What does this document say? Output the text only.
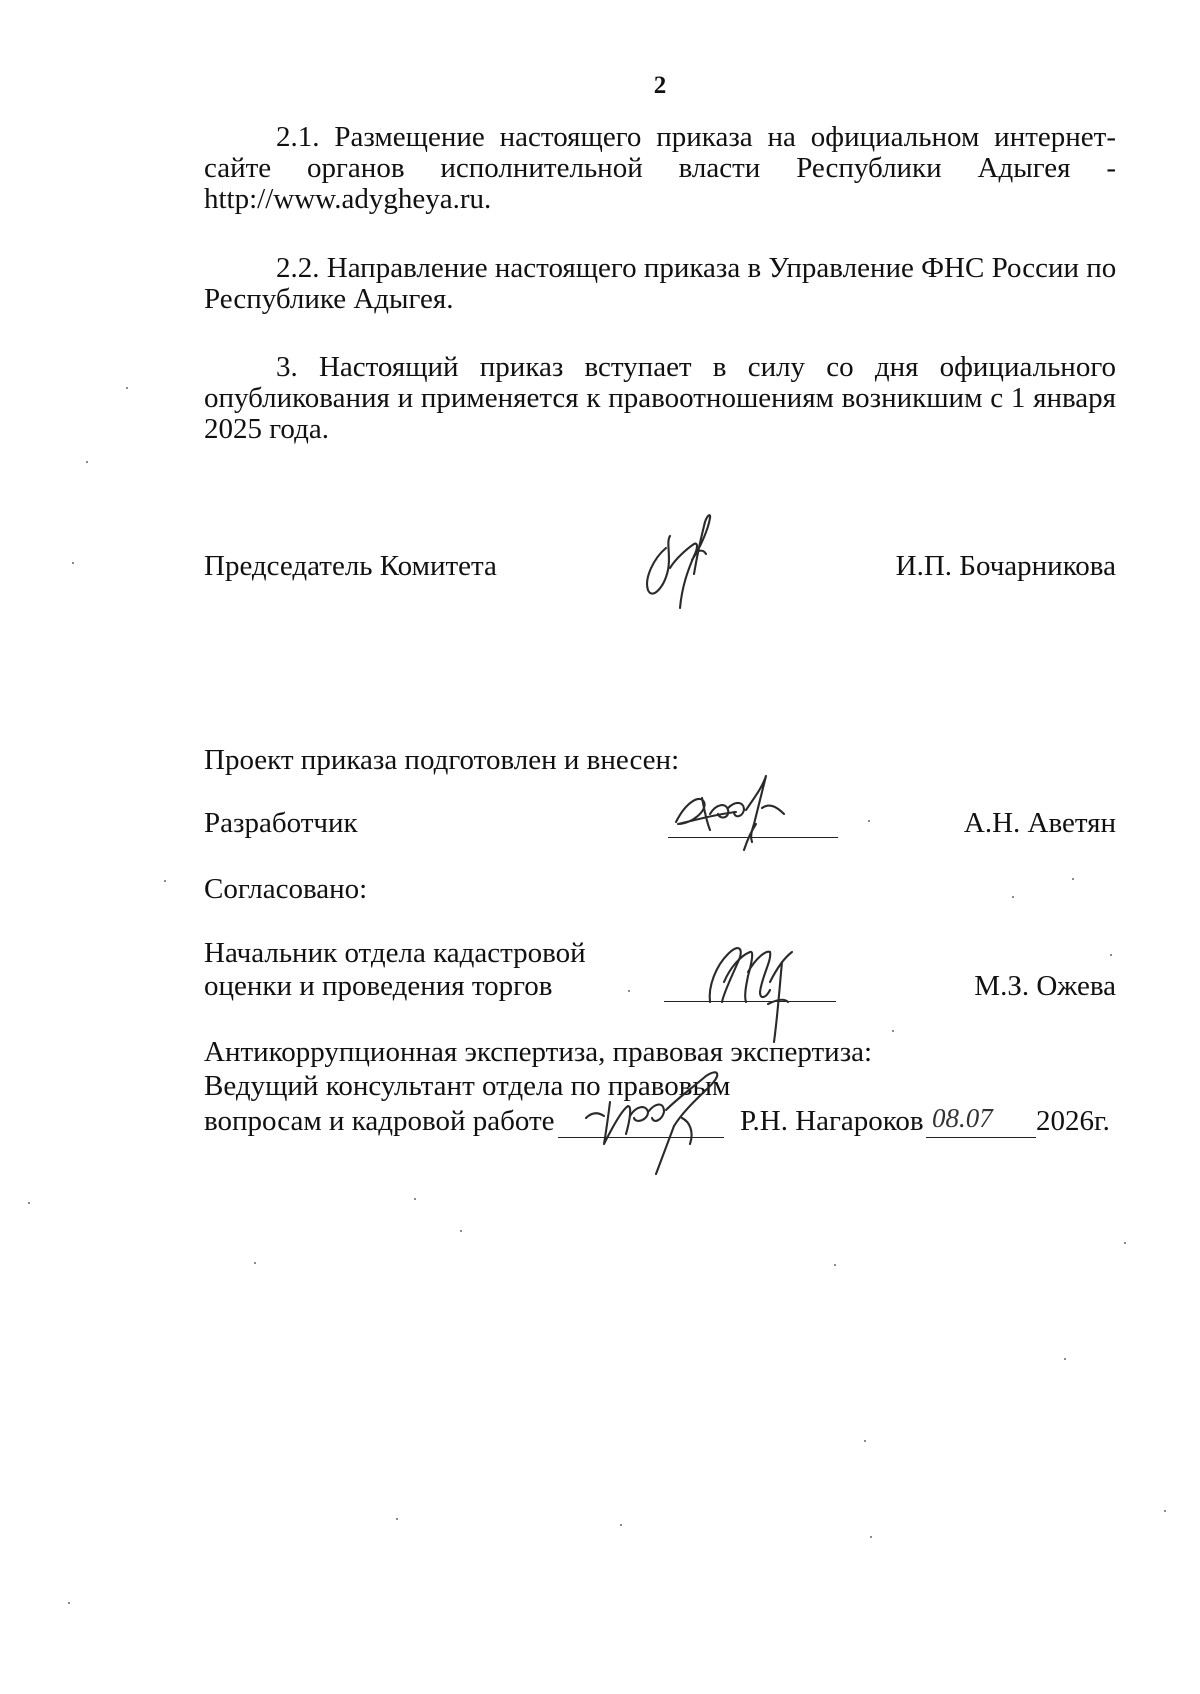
2
2.1. Размещение настоящего приказа на официальном интернет-
сайте органов исполнительной власти Республики Адыгея -
http://www.adygheya.ru.
2.2. Направление настоящего приказа в Управление ФНС России по
Республике Адыгея.
3. Настоящий приказ вступает в силу со дня официального
опубликования и применяется к правоотношениям возникшим с 1 января
2025 года.
Председатель Комитета	И.П. Бочарникова
Проект приказа подготовлен и внесен:
Разработчик	А.Н. Аветян
Согласовано:
Начальник отдела кадастровой
оценки и проведения торгов	М.З. Ожева
Антикоррупционная экспертиза, правовая экспертиза:
Ведущий консультант отдела по правовым
вопросам и кадровой работе	Р.Н. Нагароков 08.07 2026г.
